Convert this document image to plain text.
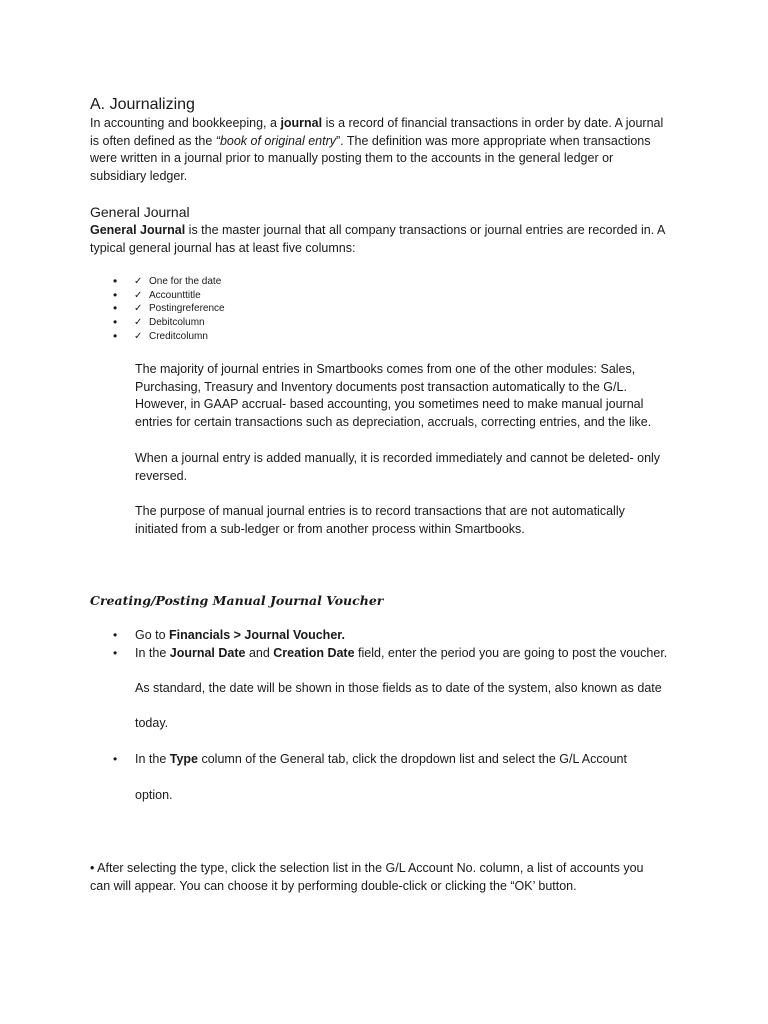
A. Journalizing
In accounting and bookkeeping, a journal is a record of financial transactions in order by date. A journal
is often defined as the “book of original entry”. The definition was more appropriate when transactions
were written in a journal prior to manually posting them to the accounts in the general ledger or
subsidiary ledger.
General Journal
General Journal is the master journal that all company transactions or journal entries are recorded in. A
typical general journal has at least five columns:
• ✓ One for the date
• ✓ Accounttitle
• ✓ Postingreference
• ✓ Debitcolumn
• ✓ Creditcolumn
The majority of journal entries in Smartbooks comes from one of the other modules: Sales,
Purchasing, Treasury and Inventory documents post transaction automatically to the G/L.
However, in GAAP accrual- based accounting, you sometimes need to make manual journal
entries for certain transactions such as depreciation, accruals, correcting entries, and the like.
When a journal entry is added manually, it is recorded immediately and cannot be deleted- only
reversed.
The purpose of manual journal entries is to record transactions that are not automatically
initiated from a sub-ledger or from another process within Smartbooks.
Creating/Posting Manual Journal Voucher
• Go to Financials > Journal Voucher.
• In the Journal Date and Creation Date field, enter the period you are going to post the voucher.
As standard, the date will be shown in those fields as to date of the system, also known as date
today.
• In the Type column of the General tab, click the dropdown list and select the G/L Account
option.
• After selecting the type, click the selection list in the G/L Account No. column, a list of accounts you
can will appear. You can choose it by performing double-click or clicking the “OK’ button.
